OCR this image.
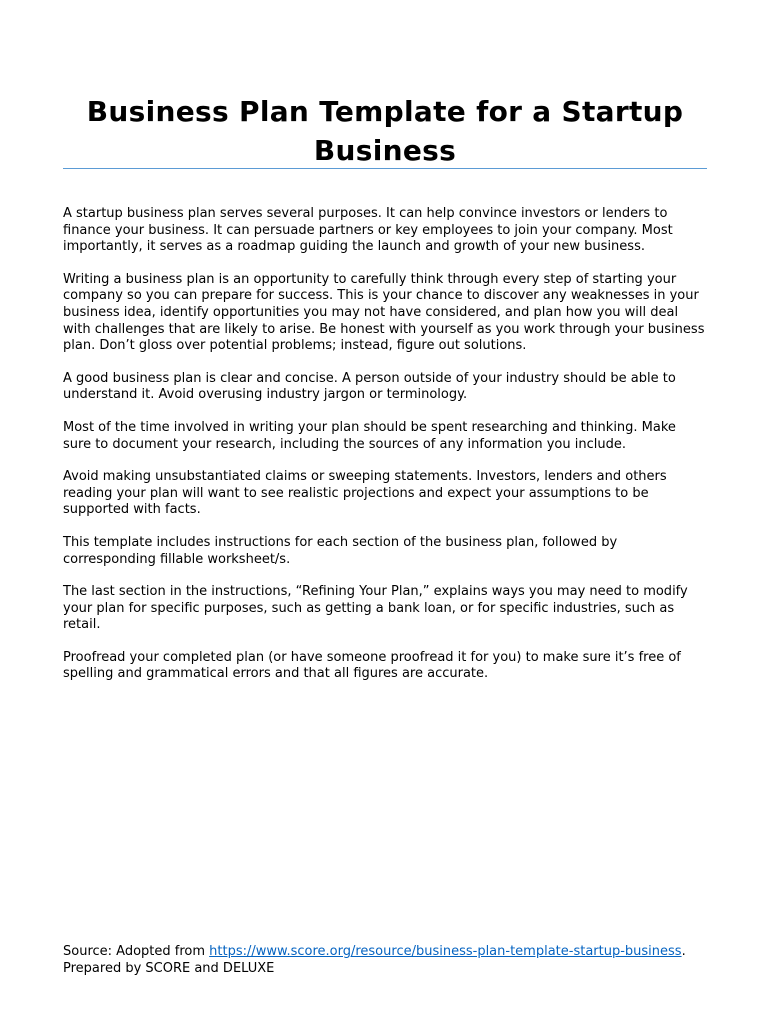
Business Plan Template for a Startup Business

A startup business plan serves several purposes. It can help convince investors or lenders to finance your business. It can persuade partners or key employees to join your company. Most importantly, it serves as a roadmap guiding the launch and growth of your new business.

Writing a business plan is an opportunity to carefully think through every step of starting your company so you can prepare for success. This is your chance to discover any weaknesses in your business idea, identify opportunities you may not have considered, and plan how you will deal with challenges that are likely to arise. Be honest with yourself as you work through your business plan. Don’t gloss over potential problems; instead, figure out solutions.

A good business plan is clear and concise. A person outside of your industry should be able to understand it. Avoid overusing industry jargon or terminology.

Most of the time involved in writing your plan should be spent researching and thinking. Make sure to document your research, including the sources of any information you include.

Avoid making unsubstantiated claims or sweeping statements. Investors, lenders and others reading your plan will want to see realistic projections and expect your assumptions to be supported with facts.

This template includes instructions for each section of the business plan, followed by corresponding fillable worksheet/s.

The last section in the instructions, “Refining Your Plan,” explains ways you may need to modify your plan for specific purposes, such as getting a bank loan, or for specific industries, such as retail.

Proofread your completed plan (or have someone proofread it for you) to make sure it’s free of spelling and grammatical errors and that all figures are accurate.

Source: Adopted from https://www.score.org/resource/business-plan-template-startup-business. Prepared by SCORE and DELUXE
